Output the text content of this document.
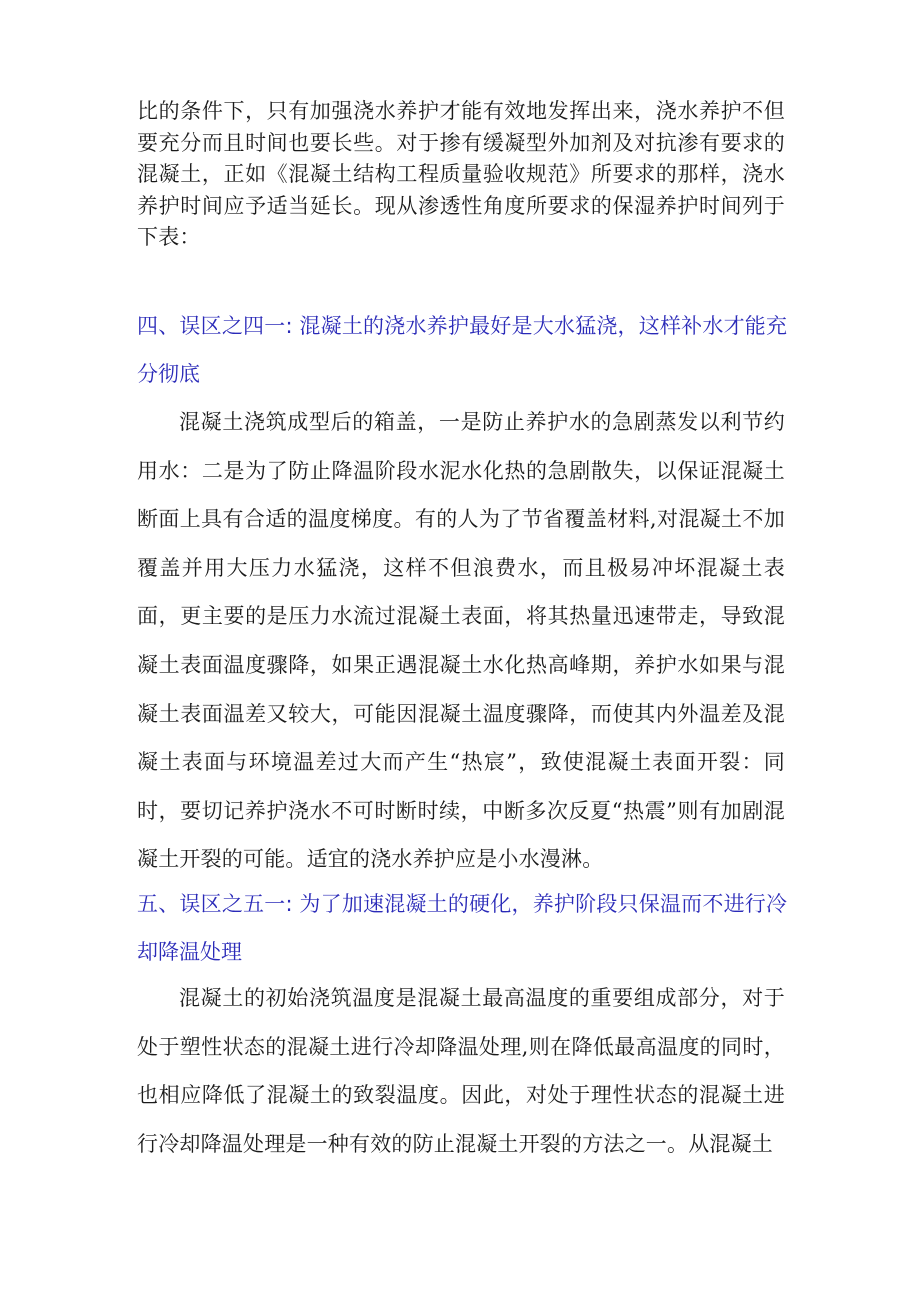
比的条件下，只有加强浇水养护才能有效地发挥出来，浇水养护不但要充分而且时间也要长些。对于掺有缓凝型外加剂及对抗渗有要求的混凝土，正如《混凝土结构工程质量验收规范》所要求的那样，浇水养护时间应予适当延长。现从渗透性角度所要求的保湿养护时间列于下表：

四、误区之四一: 混凝土的浇水养护最好是大水猛浇，这样补水才能充分彻底

混凝土浇筑成型后的箱盖，一是防止养护水的急剧蒸发以利节约用水：二是为了防止降温阶段水泥水化热的急剧散失，以保证混凝土断面上具有合适的温度梯度。有的人为了节省覆盖材料,对混凝土不加覆盖并用大压力水猛浇，这样不但浪费水，而且极易冲坏混凝土表面，更主要的是压力水流过混凝土表面，将其热量迅速带走，导致混凝土表面温度骤降，如果正遇混凝土水化热高峰期，养护水如果与混凝土表面温差又较大，可能因混凝土温度骤降，而使其内外温差及混凝土表面与环境温差过大而产生“热宸”，致使混凝土表面开裂：同时，要切记养护浇水不可时断时续，中断多次反夏“热震”则有加剧混凝土开裂的可能。适宜的浇水养护应是小水漫淋。

五、误区之五一: 为了加速混凝土的硬化，养护阶段只保温而不进行冷却降温处理

混凝土的初始浇筑温度是混凝土最高温度的重要组成部分，对于处于塑性状态的混凝土进行冷却降温处理,则在降低最高温度的同时，也相应降低了混凝土的致裂温度。因此，对处于理性状态的混凝土进行冷却降温处理是一种有效的防止混凝土开裂的方法之一。从混凝土
